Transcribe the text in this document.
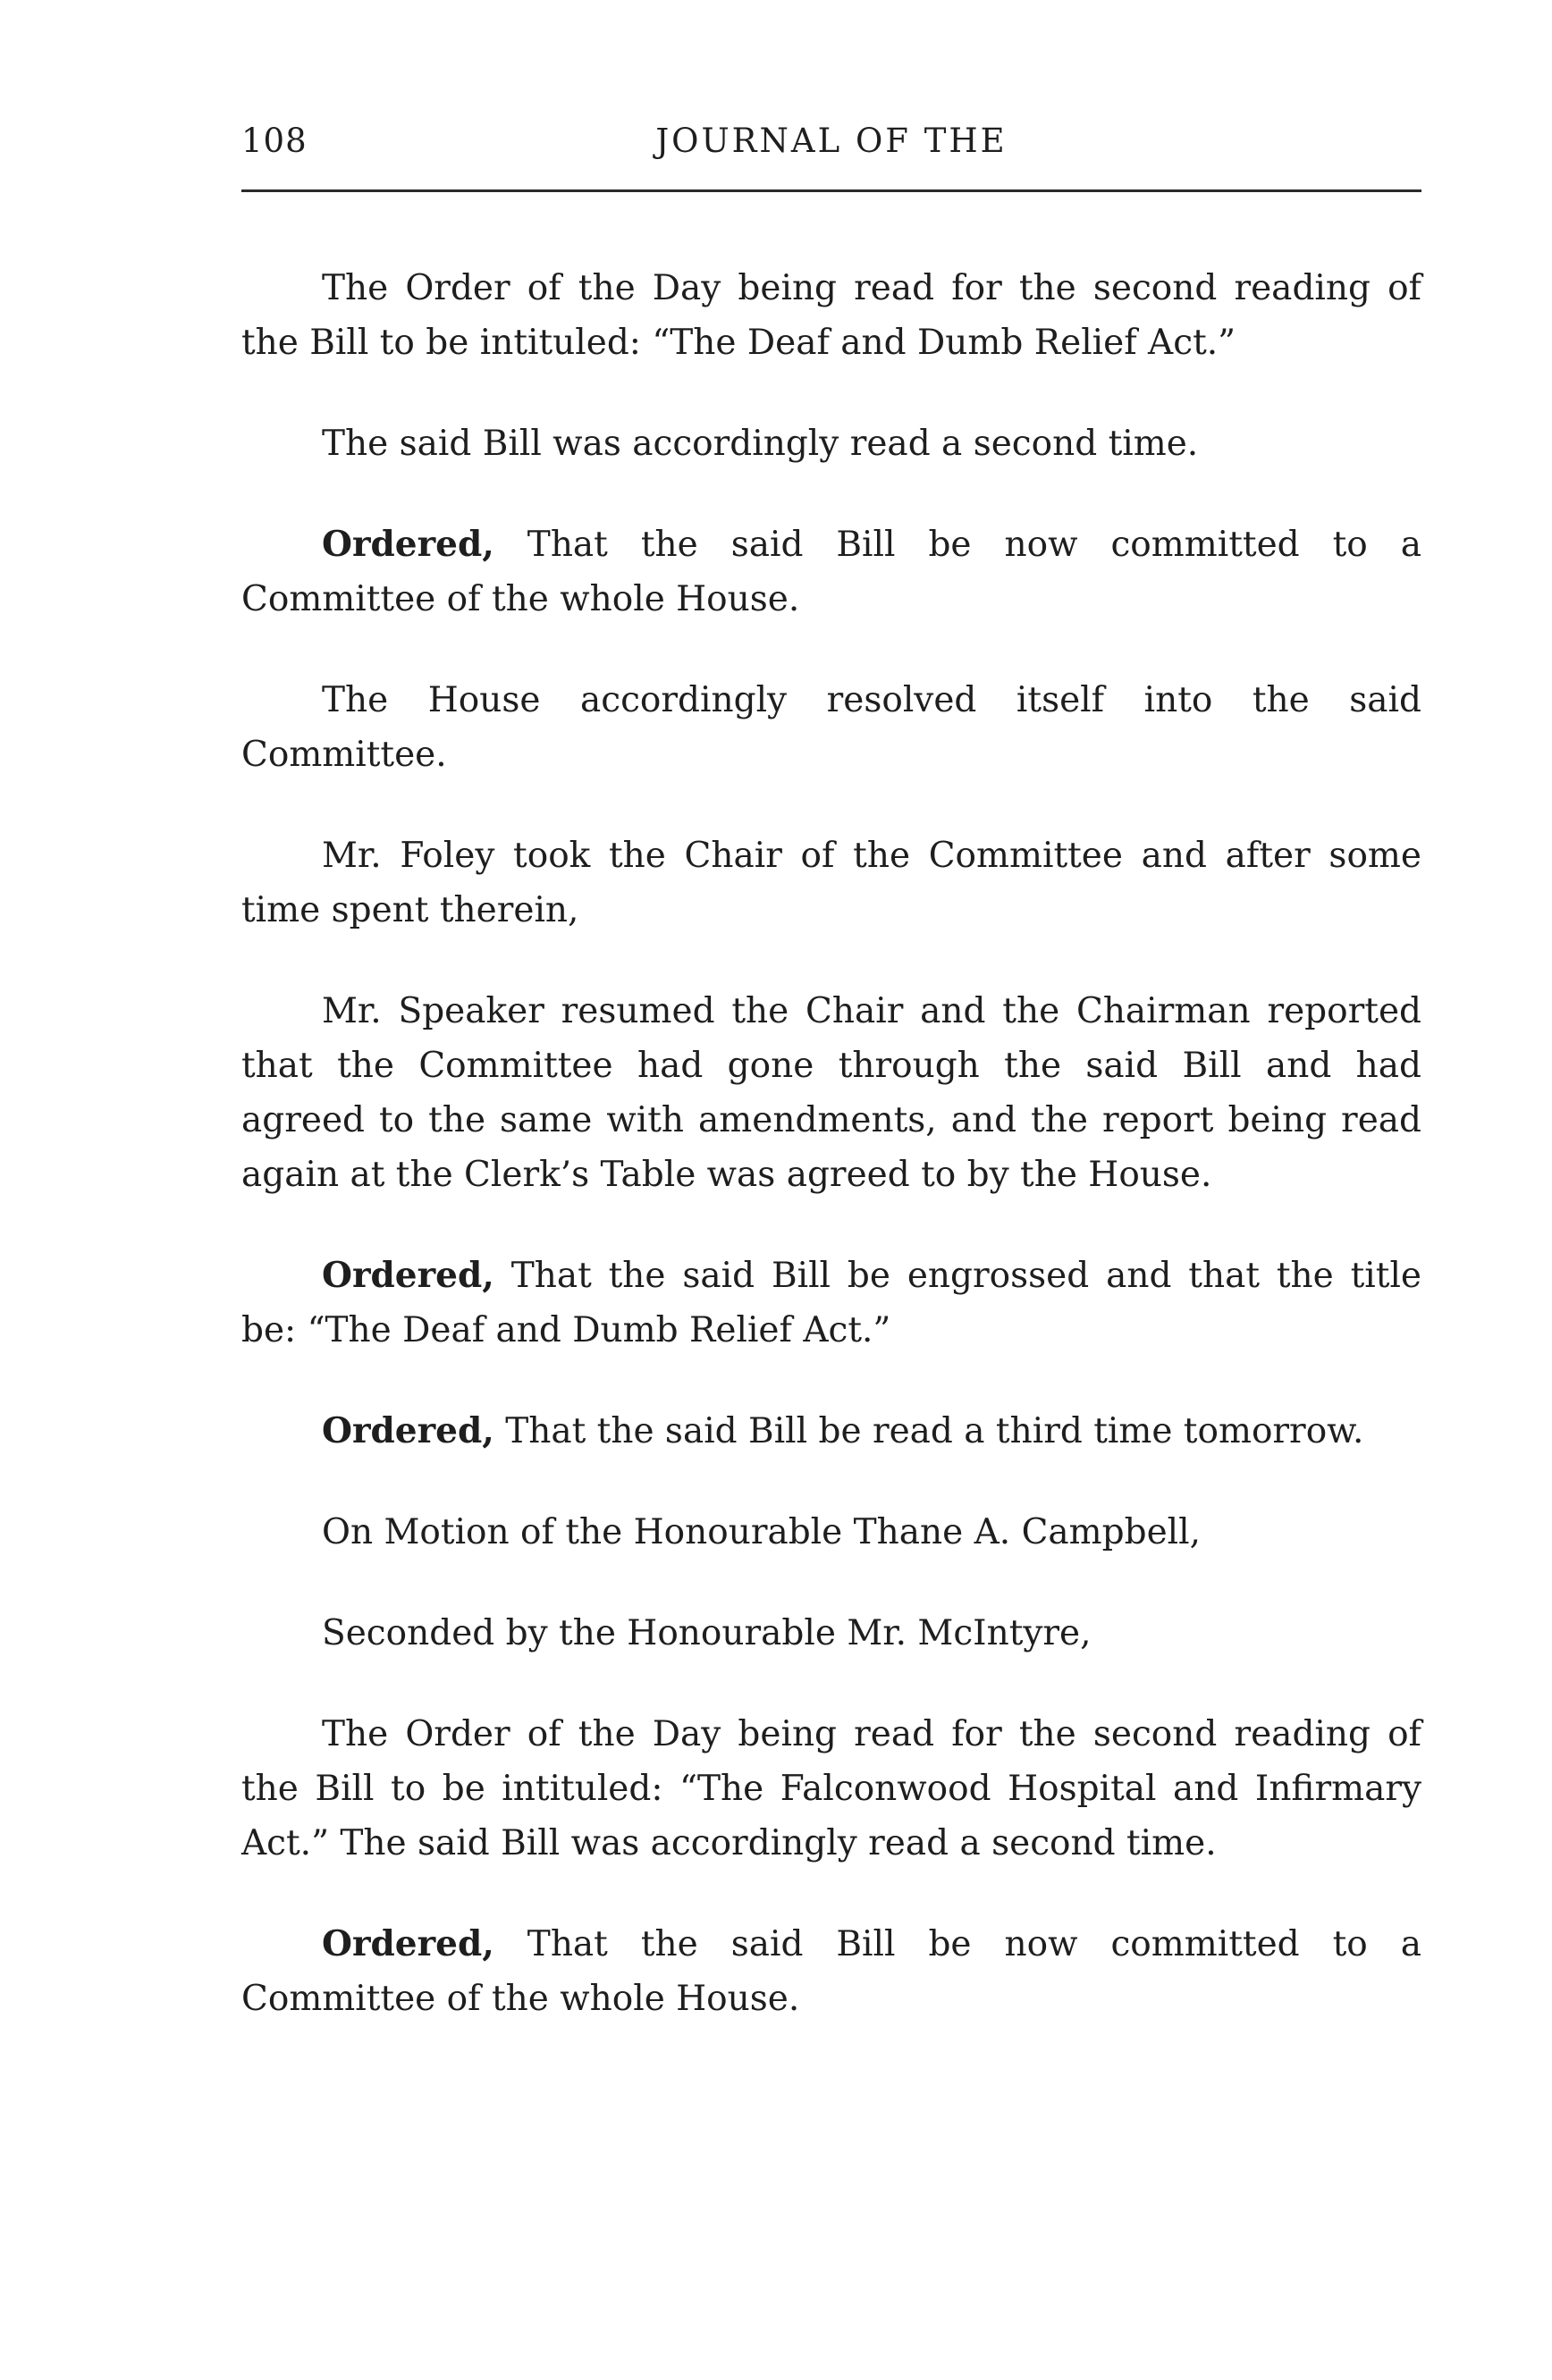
108	JOURNAL OF THE

The Order of the Day being read for the second reading of the Bill to be intituled: “The Deaf and Dumb Relief Act.”

The said Bill was accordingly read a second time.

Ordered, That the said Bill be now committed to a Committee of the whole House.

The House accordingly resolved itself into the said Committee.

Mr. Foley took the Chair of the Committee and after some time spent therein,

Mr. Speaker resumed the Chair and the Chairman reported that the Committee had gone through the said Bill and had agreed to the same with amendments, and the report being read again at the Clerk’s Table was agreed to by the House.

Ordered, That the said Bill be engrossed and that the title be: “The Deaf and Dumb Relief Act.”

Ordered, That the said Bill be read a third time tomorrow.

On Motion of the Honourable Thane A. Campbell,

Seconded by the Honourable Mr. McIntyre,

The Order of the Day being read for the second reading of the Bill to be intituled: “The Falconwood Hospital and Infirmary Act.” The said Bill was accordingly read a second time.

Ordered, That the said Bill be now committed to a Committee of the whole House.
